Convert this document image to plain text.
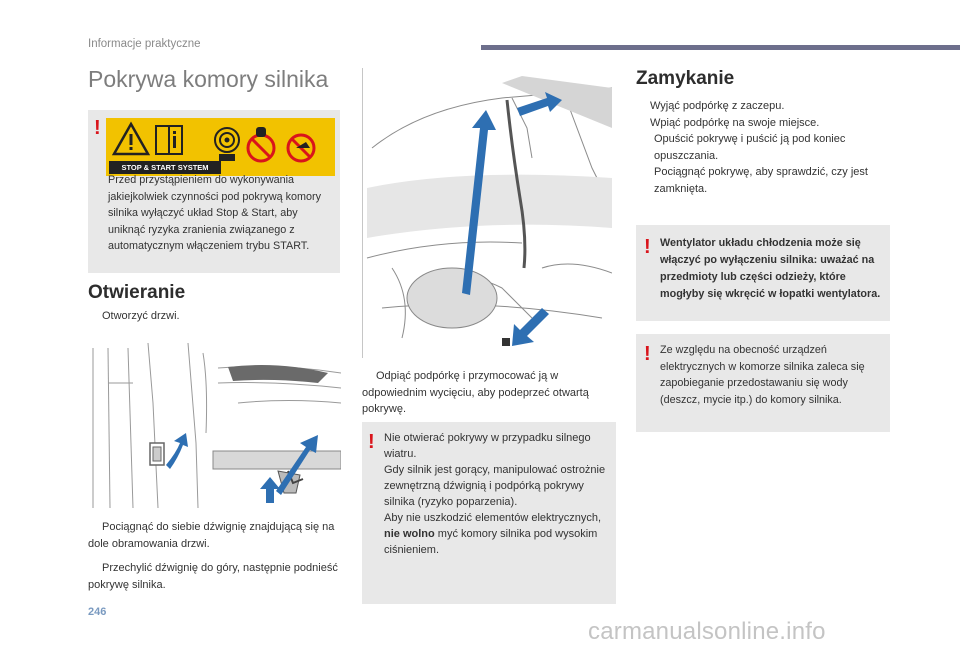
Informacje praktyczne
Pokrywa komory silnika
!
STOP & START SYSTEM
Przed przystąpieniem do wykonywania jakiejkolwiek czynności pod pokrywą komory silnika wyłączyć układ Stop & Start, aby uniknąć ryzyka zranienia związanego z automatycznym włączeniem trybu START.
Otwieranie
Otworzyć drzwi.
Pociągnąć do siebie dźwignię znajdującą się na dole obramowania drzwi.
Przechylić dźwignię do góry, następnie podnieść pokrywę silnika.
Odpiąć podpórkę i przymocować ją w odpowiednim wycięciu, aby podeprzeć otwartą pokrywę.
! Nie otwierać pokrywy w przypadku silnego wiatru.
Gdy silnik jest gorący, manipulować ostrożnie zewnętrzną dźwignią i podpórką pokrywy silnika (ryzyko poparzenia).
Aby nie uszkodzić elementów elektrycznych, nie wolno myć komory silnika pod wysokim ciśnieniem.
Zamykanie
Wyjąć podpórkę z zaczepu.
Wpiąć podpórkę na swoje miejsce.
Opuścić pokrywę i puścić ją pod koniec opuszczania.
Pociągnąć pokrywę, aby sprawdzić, czy jest zamknięta.
! Wentylator układu chłodzenia może się włączyć po wyłączeniu silnika: uważać na przedmioty lub części odzieży, które mogłyby się wkręcić w łopatki wentylatora.
! Ze względu na obecność urządzeń elektrycznych w komorze silnika zaleca się zapobieganie przedostawaniu się wody (deszcz, mycie itp.) do komory silnika.
246
carmanualsonline.info
